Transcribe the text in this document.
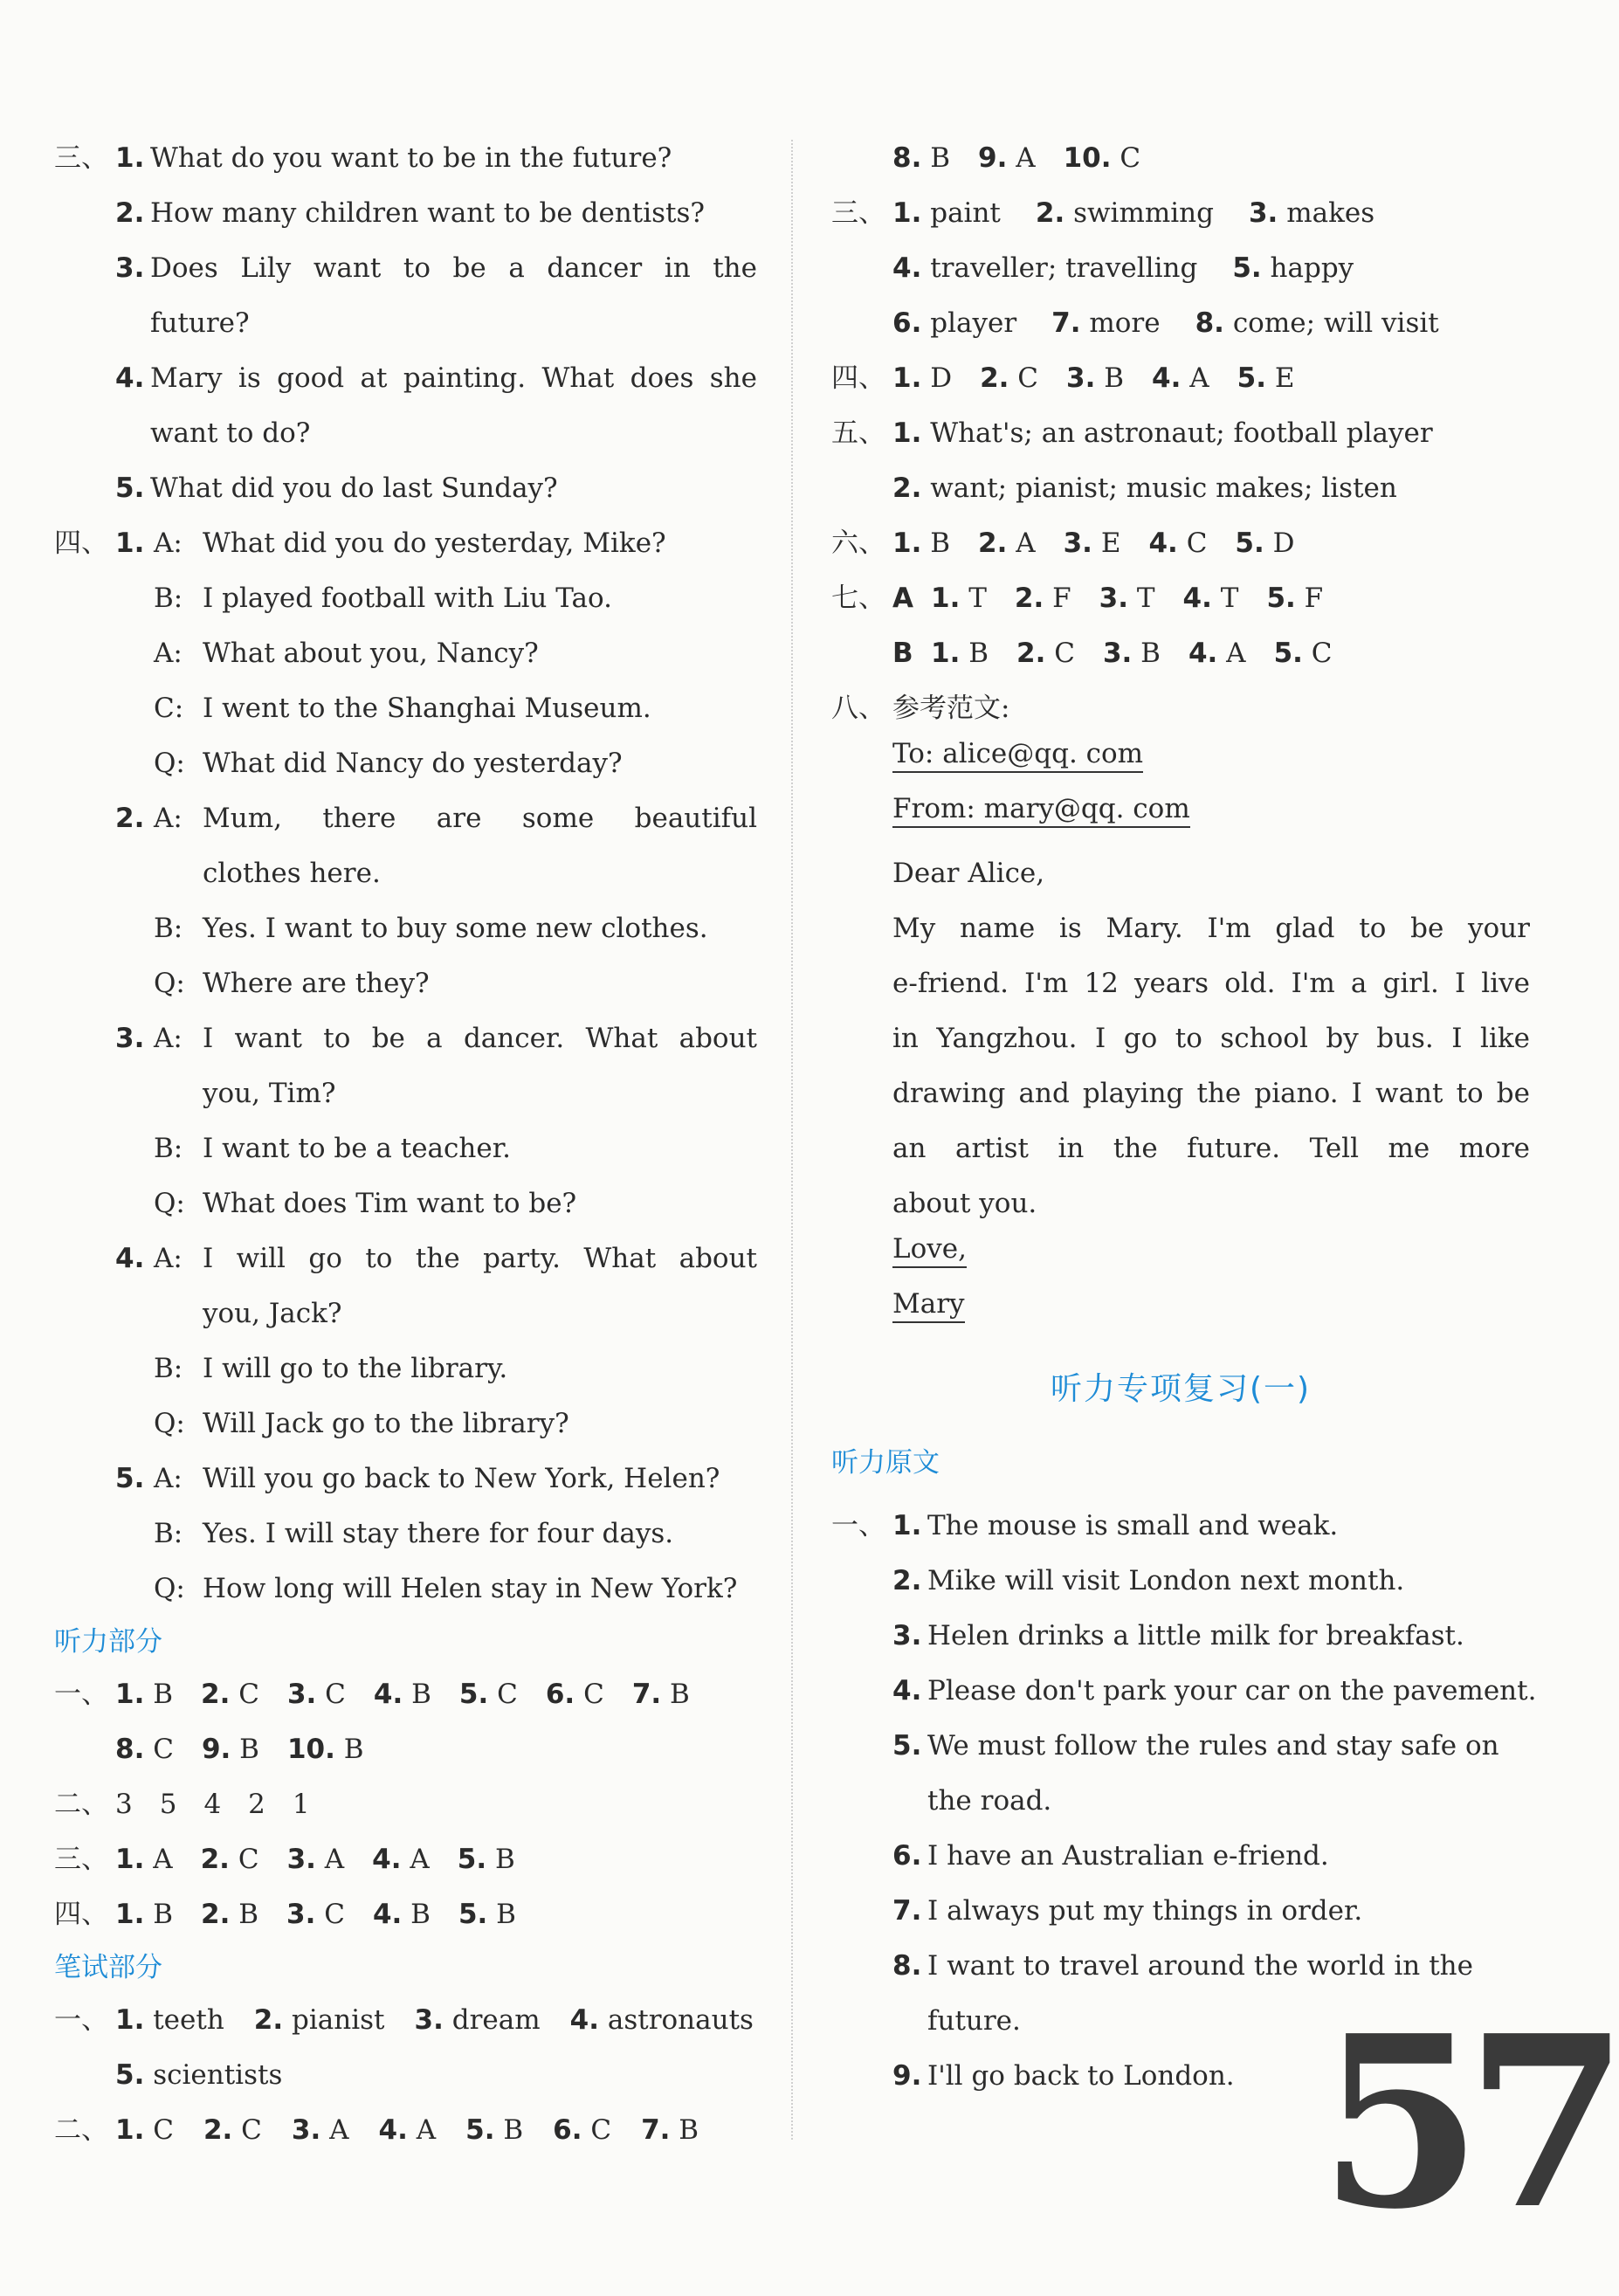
三、 1. What do you want to be in the future?
2. How many children want to be dentists?
3. Does Lily want to be a dancer in the
future?
4. Mary is good at painting. What does she
want to do?
5. What did you do last Sunday?
四、 1. A: What did you do yesterday, Mike?
B: I played football with Liu Tao.
A: What about you, Nancy?
C: I went to the Shanghai Museum.
Q: What did Nancy do yesterday?
2. A: Mum, there are some beautiful
clothes here.
B: Yes. I want to buy some new clothes.
Q: Where are they?
3. A: I want to be a dancer. What about
you, Tim?
B: I want to be a teacher.
Q: What does Tim want to be?
4. A: I will go to the party. What about
you, Jack?
B: I will go to the library.
Q: Will Jack go to the library?
5. A: Will you go back to New York, Helen?
B: Yes. I will stay there for four days.
Q: How long will Helen stay in New York?
听力部分
一、 1. B 2. C 3. C 4. B 5. C 6. C 7. B
8. C 9. B 10. B
二、 3　5　4　2　1
三、 1. A 2. C 3. A 4. A 5. B
四、 1. B 2. B 3. C 4. B 5. B
笔试部分
一、 1. teeth 2. pianist 3. dream 4. astronauts
5. scientists
二、 1. C 2. C 3. A 4. A 5. B 6. C 7. B
8. B 9. A 10. C
三、 1. paint 2. swimming 3. makes
4. traveller; travelling 5. happy
6. player 7. more 8. come; will visit
四、 1. D 2. C 3. B 4. A 5. E
五、 1. What's; an astronaut; football player
2. want; pianist; music makes; listen
六、 1. B 2. A 3. E 4. C 5. D
七、 1. T 2. F 3. T 4. T 5. F
A
1. B 2. C 3. B 4. A 5. C
B
八、 参考范文:
To: alice@qq. com
From: mary@qq. com
Dear Alice,
My name is Mary. I'm glad to be your
e-friend. I'm 12 years old. I'm a girl. I live
in Yangzhou. I go to school by bus. I like
drawing and playing the piano. I want to be
an artist in the future. Tell me more
about you.
Love,
Mary
听力专项复习(一)
听力原文
一、 1. The mouse is small and weak.
2. Mike will visit London next month.
3. Helen drinks a little milk for breakfast.
4. Please don't park your car on the pavement.
5. We must follow the rules and stay safe on
the road.
6. I have an Australian e-friend.
7. I always put my things in order.
8. I want to travel around the world in the
future.
9. I'll go back to London. 57
